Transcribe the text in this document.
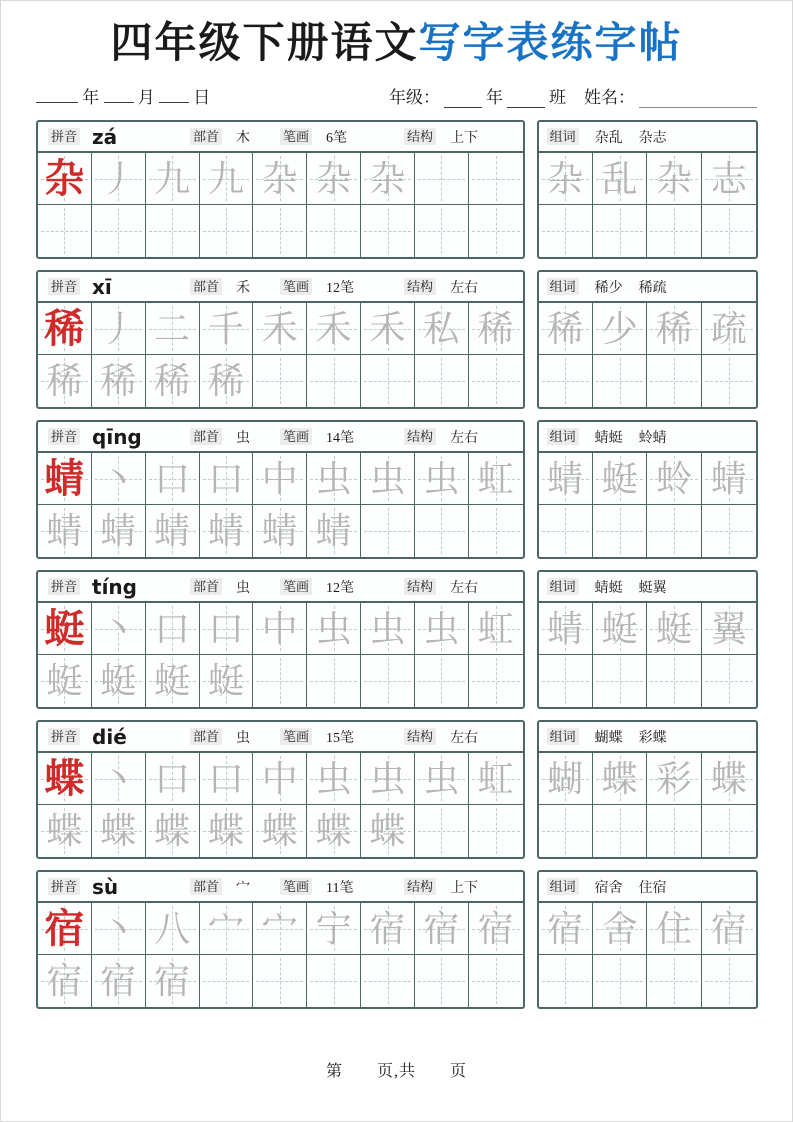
四年级下册语文写字表练字帖
年 月 日	年级：	年	班 姓名：
拼音 zá	部首 木	笔画 6笔	结构 上下
杂 丿 九 九 杂 杂 杂
组词 杂乱 杂志
杂 乱 杂 志
拼音 xī	部首 禾	笔画 12笔	结构 左右
稀 丿 二 千 禾 禾 禾 私 稀
稀 稀 稀 稀
组词 稀少 稀疏
稀 少 稀 疏
拼音 qīng	部首 虫	笔画 14笔	结构 左右
蜻 丶 口 口 中 虫 虫 虫 虹
蜻 蜻 蜻 蜻 蜻 蜻
组词 蜻蜓 蛉蜻
蜻 蜓 蛉 蜻
拼音 tíng	部首 虫	笔画 12笔	结构 左右
蜓 丶 口 口 中 虫 虫 虫 虹
蜓 蜓 蜓 蜓
组词 蜻蜓 蜓翼
蜻 蜓 蜓 翼
拼音 dié	部首 虫	笔画 15笔	结构 左右
蝶 丶 口 口 中 虫 虫 虫 虹
蝶 蝶 蝶 蝶 蝶 蝶 蝶
组词 蝴蝶 彩蝶
蝴 蝶 彩 蝶
拼音 sù	部首 宀	笔画 11笔	结构 上下
宿 丶 八 宀 宀 宁 宿 宿 宿
宿 宿 宿
组词 宿舍 住宿
宿 舍 住 宿
第　　页,共　　页
